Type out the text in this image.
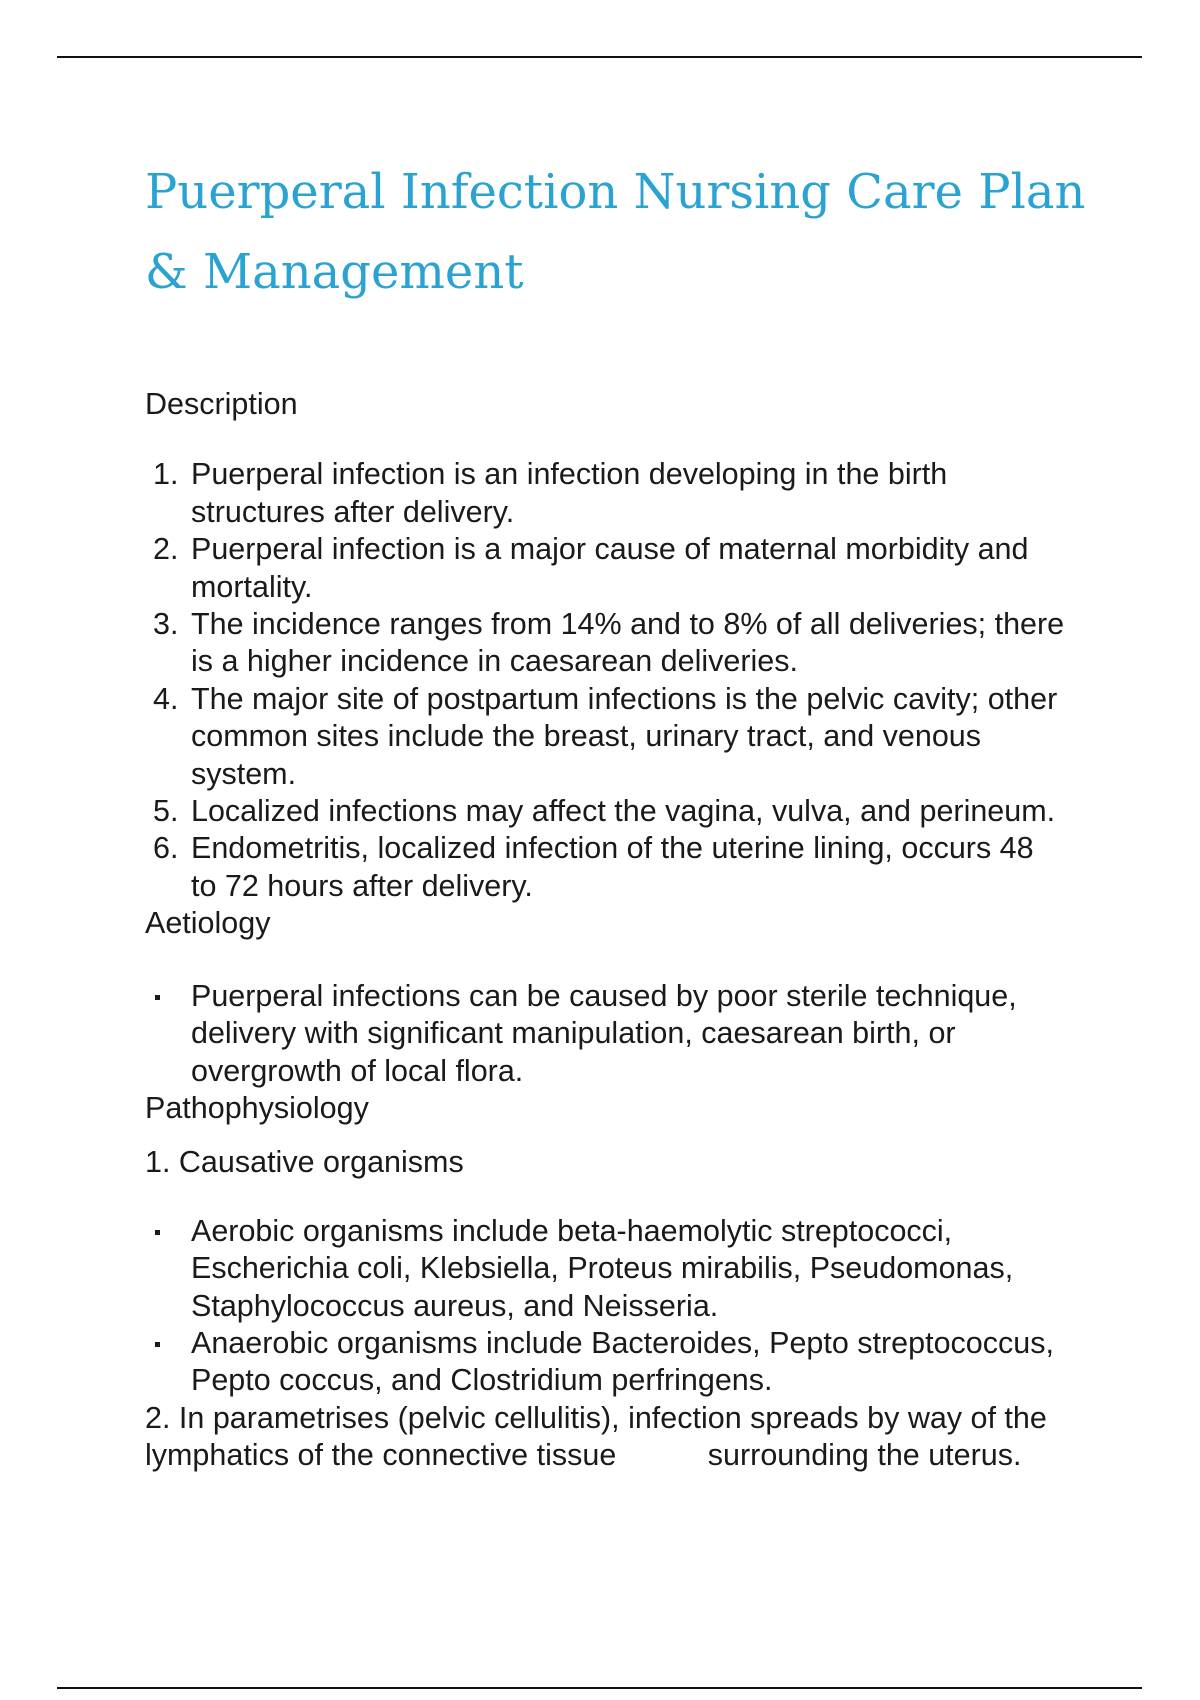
Puerperal Infection Nursing Care Plan & Management

Description

1. Puerperal infection is an infection developing in the birth structures after delivery.
2. Puerperal infection is a major cause of maternal morbidity and mortality.
3. The incidence ranges from 14% and to 8% of all deliveries; there is a higher incidence in caesarean deliveries.
4. The major site of postpartum infections is the pelvic cavity; other common sites include the breast, urinary tract, and venous system.
5. Localized infections may affect the vagina, vulva, and perineum.
6. Endometritis, localized infection of the uterine lining, occurs 48 to 72 hours after delivery.

Aetiology

Puerperal infections can be caused by poor sterile technique, delivery with significant manipulation, caesarean birth, or overgrowth of local flora.

Pathophysiology

1. Causative organisms

Aerobic organisms include beta-haemolytic streptococci, Escherichia coli, Klebsiella, Proteus mirabilis, Pseudomonas, Staphylococcus aureus, and Neisseria.
Anaerobic organisms include Bacteroides, Pepto streptococcus, Pepto coccus, and Clostridium perfringens.

2. In parametrises (pelvic cellulitis), infection spreads by way of the lymphatics of the connective tissue   surrounding the uterus.
